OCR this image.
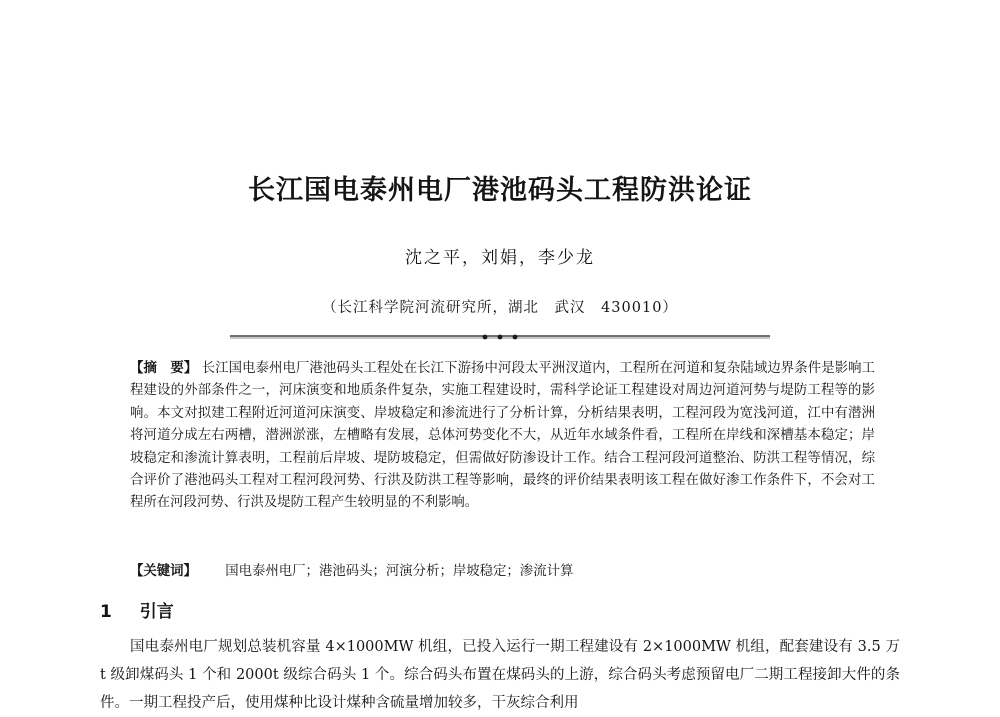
长江国电泰州电厂港池码头工程防洪论证
沈之平，刘娟，李少龙
（长江科学院河流研究所，湖北　武汉　430010）
【摘　要】 长江国电泰州电厂港池码头工程处在长江下游扬中河段太平洲汊道内，工程所在河道和复杂陆域边界条件是影响工程建设的外部条件之一，河床演变和地质条件复杂，实施工程建设时，需科学论证工程建设对周边河道河势与堤防工程等的影响。本文对拟建工程附近河道河床演变、岸坡稳定和渗流进行了分析计算，分析结果表明，工程河段为宽浅河道，江中有潜洲将河道分成左右两槽，潜洲淤涨，左槽略有发展，总体河势变化不大，从近年水域条件看，工程所在岸线和深槽基本稳定；岸坡稳定和渗流计算表明，工程前后岸坡、堤防坡稳定，但需做好防渗设计工作。结合工程河段河道整治、防洪工程等情况，综合评价了港池码头工程对工程河段河势、行洪及防洪工程等影响，最终的评价结果表明该工程在做好渗工作条件下，不会对工程所在河段河势、行洪及堤防工程产生较明显的不利影响。
【关键词】 国电泰州电厂；港池码头；河演分析；岸坡稳定；渗流计算
1 引言
国电泰州电厂规划总装机容量 4×1000MW 机组，已投入运行一期工程建设有 2×1000MW 机组，配套建设有 3.5 万 t 级卸煤码头 1 个和 2000t 级综合码头 1 个。综合码头布置在煤码头的上游，综合码头考虑预留电厂二期工程接卸大件的条件。一期工程投产后，使用煤种比设计煤种含硫量增加较多，干灰综合利用
